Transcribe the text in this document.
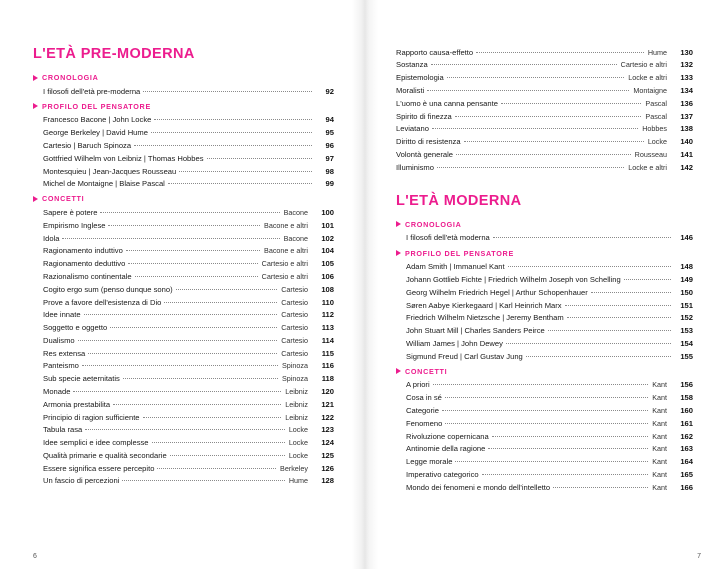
L'ETÀ PRE-MODERNA
CRONOLOGIA
I filosofi dell'età pre-moderna	92
PROFILO DEL PENSATORE
Francesco Bacone | John Locke	94
George Berkeley | David Hume	95
Cartesio | Baruch Spinoza	96
Gottfried Wilhelm von Leibniz | Thomas Hobbes	97
Montesquieu | Jean-Jacques Rousseau	98
Michel de Montaigne | Blaise Pascal	99
CONCETTI
Sapere è potere	Bacone	100
Empirismo Inglese	Bacone e altri	101
Idola	Bacone	102
Ragionamento induttivo	Bacone e altri	104
Ragionamento deduttivo	Cartesio e altri	105
Razionalismo continentale	Cartesio e altri	106
Cogito ergo sum (penso dunque sono)	Cartesio	108
Prove a favore dell'esistenza di Dio	Cartesio	110
Idee innate	Cartesio	112
Soggetto e oggetto	Cartesio	113
Dualismo	Cartesio	114
Res extensa	Cartesio	115
Panteismo	Spinoza	116
Sub specie aeternitatis	Spinoza	118
Monade	Leibniz	120
Armonia prestabilita	Leibniz	121
Principio di ragion sufficiente	Leibniz	122
Tabula rasa	Locke	123
Idee semplici e idee complesse	Locke	124
Qualità primarie e qualità secondarie	Locke	125
Essere significa essere percepito	Berkeley	126
Un fascio di percezioni	Hume	128
6
Rapporto causa-effetto	Hume	130
Sostanza	Cartesio e altri	132
Epistemologia	Locke e altri	133
Moralisti	Montaigne	134
L'uomo è una canna pensante	Pascal	136
Spirito di finezza	Pascal	137
Leviatano	Hobbes	138
Diritto di resistenza	Locke	140
Volontà generale	Rousseau	141
Illuminismo	Locke e altri	142
L'ETÀ MODERNA
CRONOLOGIA
I filosofi dell'età moderna	146
PROFILO DEL PENSATORE
Adam Smith | Immanuel Kant	148
Johann Gottlieb Fichte | Friedrich Wilhelm Joseph von Schelling	149
Georg Wilhelm Friedrich Hegel | Arthur Schopenhauer	150
Søren Aabye Kierkegaard | Karl Heinrich Marx	151
Friedrich Wilhelm Nietzsche | Jeremy Bentham	152
John Stuart Mill | Charles Sanders Peirce	153
William James | John Dewey	154
Sigmund Freud | Carl Gustav Jung	155
CONCETTI
A priori	Kant	156
Cosa in sé	Kant	158
Categorie	Kant	160
Fenomeno	Kant	161
Rivoluzione copernicana	Kant	162
Antinomie della ragione	Kant	163
Legge morale	Kant	164
Imperativo categorico	Kant	165
Mondo dei fenomeni e mondo dell'intelletto	Kant	166
7
